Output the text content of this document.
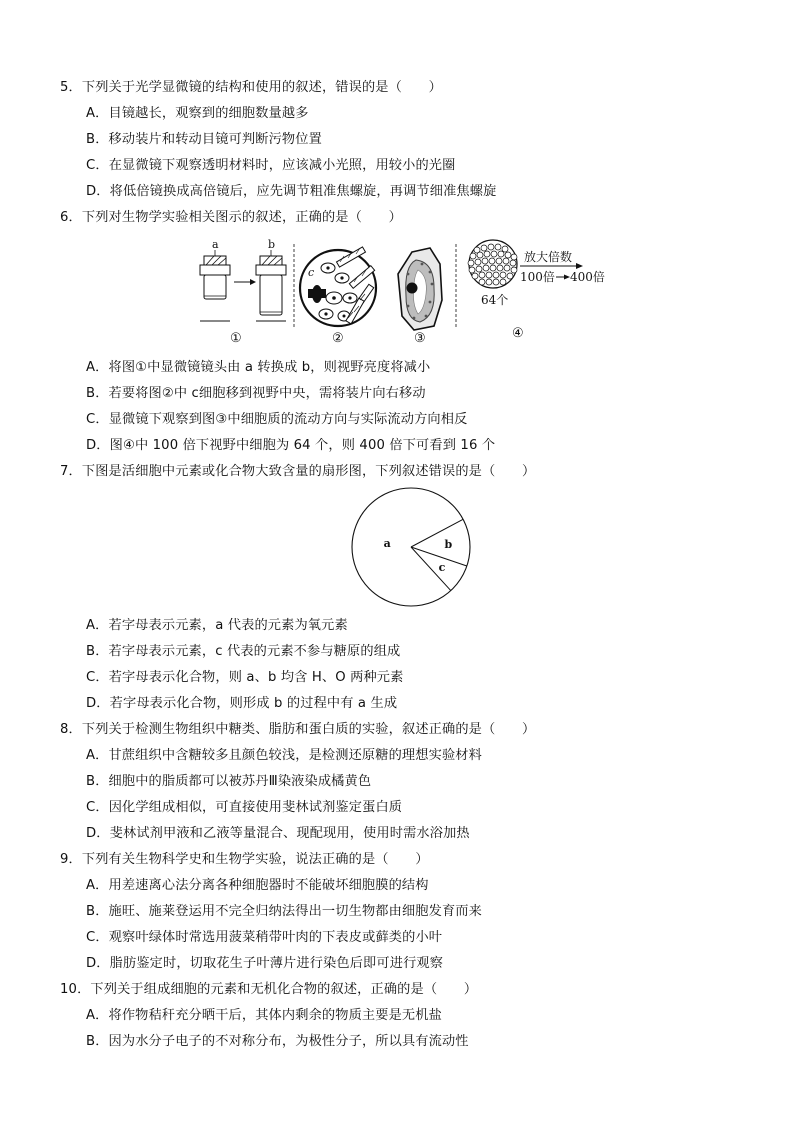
5．下列关于光学显微镜的结构和使用的叙述，错误的是（　　）
A．目镜越长，观察到的细胞数量越多
B．移动装片和转动目镜可判断污物位置
C．在显微镜下观察透明材料时，应该减小光照，用较小的光圈
D．将低倍镜换成高倍镜后，应先调节粗准焦螺旋，再调节细准焦螺旋
6．下列对生物学实验相关图示的叙述，正确的是（　　）
a	b
c
放大倍数
100倍 400倍
64个
①	②	③	④
A．将图①中显微镜镜头由 a 转换成 b，则视野亮度将减小
B．若要将图②中 c细胞移到视野中央，需将装片向右移动
C．显微镜下观察到图③中细胞质的流动方向与实际流动方向相反
D．图④中 100 倍下视野中细胞为 64 个，则 400 倍下可看到 16 个
7．下图是活细胞中元素或化合物大致含量的扇形图，下列叙述错误的是（　　）
a	b
c
A．若字母表示元素，a 代表的元素为氧元素
B．若字母表示元素，c 代表的元素不参与糖原的组成
C．若字母表示化合物，则 a、b 均含 H、O 两种元素
D．若字母表示化合物，则形成 b 的过程中有 a 生成
8．下列关于检测生物组织中糖类、脂肪和蛋白质的实验，叙述正确的是（　　）
A．甘蔗组织中含糖较多且颜色较浅，是检测还原糖的理想实验材料
B．细胞中的脂质都可以被苏丹Ⅲ染液染成橘黄色
C．因化学组成相似，可直接使用斐林试剂鉴定蛋白质
D．斐林试剂甲液和乙液等量混合、现配现用，使用时需水浴加热
9．下列有关生物科学史和生物学实验，说法正确的是（　　）
A．用差速离心法分离各种细胞器时不能破坏细胞膜的结构
B．施旺、施莱登运用不完全归纳法得出一切生物都由细胞发育而来
C．观察叶绿体时常选用菠菜稍带叶肉的下表皮或藓类的小叶
D．脂肪鉴定时，切取花生子叶薄片进行染色后即可进行观察
10．下列关于组成细胞的元素和无机化合物的叙述，正确的是（　　）
A．将作物秸秆充分晒干后，其体内剩余的物质主要是无机盐
B．因为水分子电子的不对称分布，为极性分子，所以具有流动性
